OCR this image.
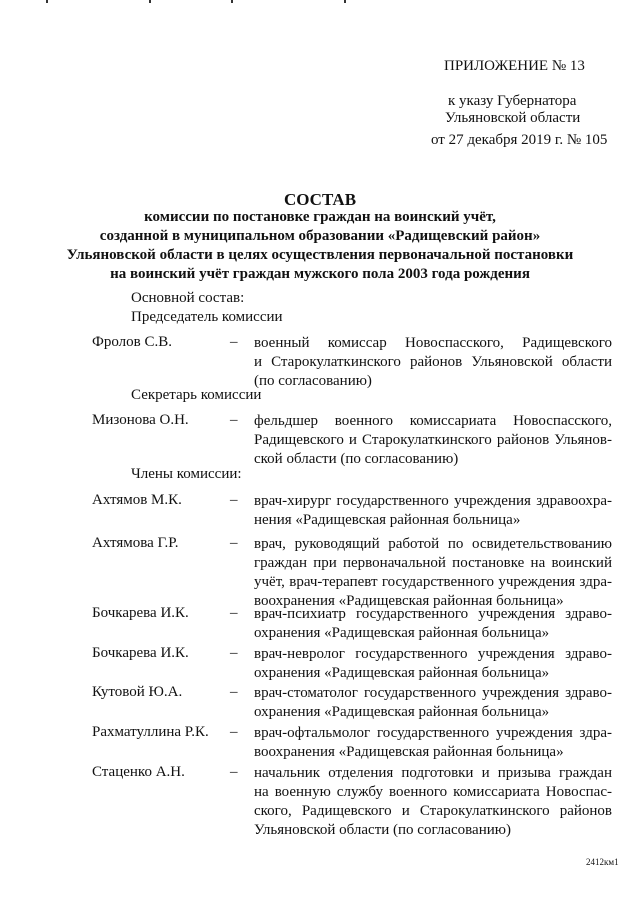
ПРИЛОЖЕНИЕ № 13
к указу Губернатора
Ульяновской области
от 27 декабря 2019 г. № 105
СОСТАВ
комиссии по постановке граждан на воинский учёт,
созданной в муниципальном образовании «Радищевский район»
Ульяновской области в целях осуществления первоначальной постановки
на воинский учёт граждан мужского пола 2003 года рождения
Основной состав:
Председатель комиссии
Фролов С.В.	– военный комиссар Новоспасского, Радищевского
и Старокулаткинского районов Ульяновской области
(по согласованию)
Секретарь комиссии
Мизонова О.Н.	– фельдшер военного комиссариата Новоспасского,
Радищевского и Старокулаткинского районов Ульянов-
ской области (по согласованию)
Члены комиссии:
Ахтямов М.К.	– врач-хирург государственного учреждения здравоохра-
нения «Радищевская районная больница»
Ахтямова Г.Р.	– врач, руководящий работой по освидетельствованию
граждан при первоначальной постановке на воинский
учёт, врач-терапевт государственного учреждения здра-
воохранения «Радищевская районная больница»
Бочкарева И.К.	– врач-психиатр государственного учреждения здраво-
охранения «Радищевская районная больница»
Бочкарева И.К.	– врач-невролог государственного учреждения здраво-
охранения «Радищевская районная больница»
Кутовой Ю.А.	– врач-стоматолог государственного учреждения здраво-
охранения «Радищевская районная больница»
Рахматуллина Р.К. – врач-офтальмолог государственного учреждения здра-
воохранения «Радищевская районная больница»
Стаценко А.Н.	– начальник отделения подготовки и призыва граждан
на военную службу военного комиссариата Новоспас-
ского, Радищевского и Старокулаткинского районов
Ульяновской области (по согласованию)
2412км1
